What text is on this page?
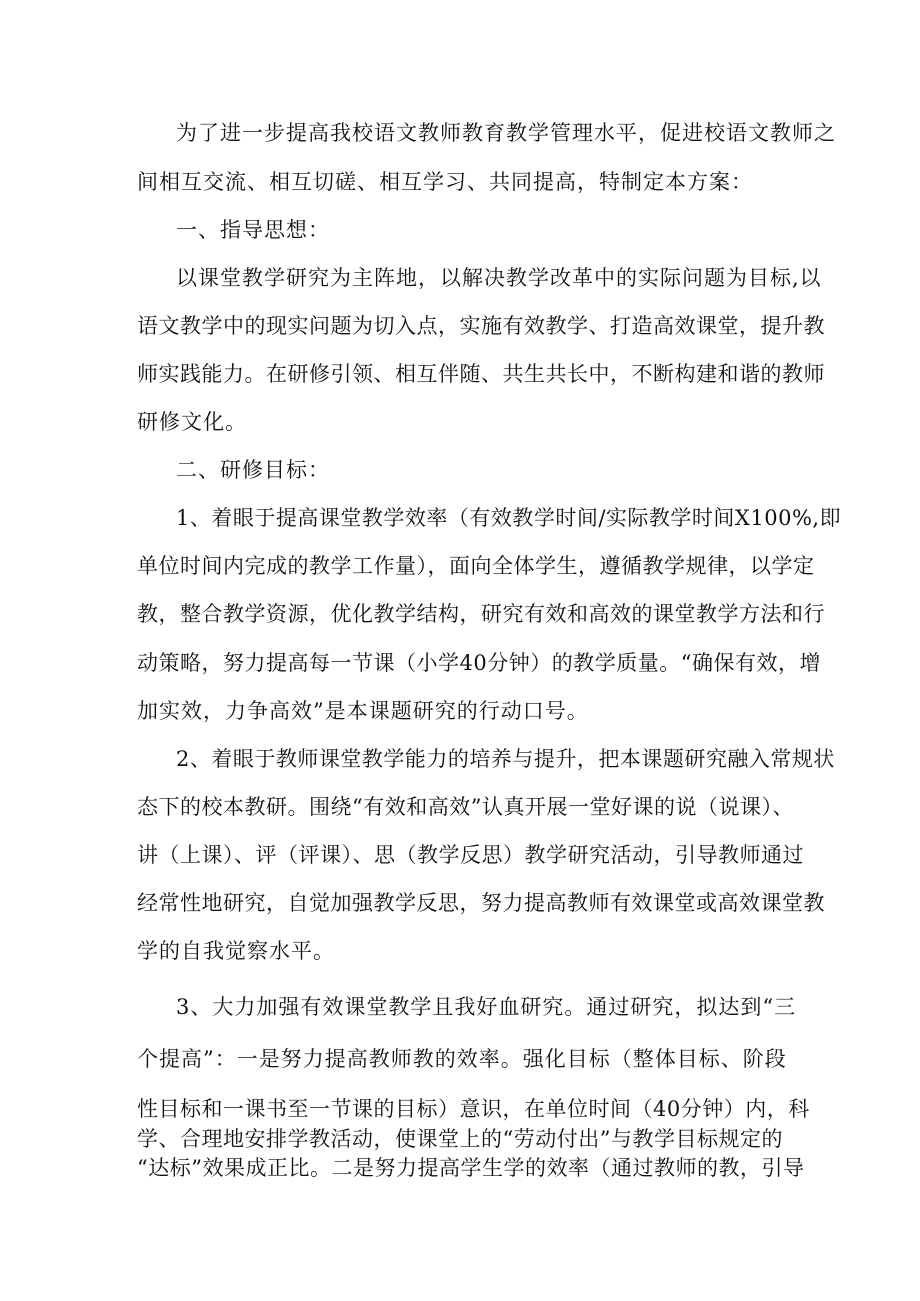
为了进一步提高我校语文教师教育教学管理水平，促进校语文教师之
间相互交流、相互切磋、相互学习、共同提高，特制定本方案：
一、指导思想：
以课堂教学研究为主阵地，以解决教学改革中的实际问题为目标,以
语文教学中的现实问题为切入点，实施有效教学、打造高效课堂，提升教
师实践能力。在研修引领、相互伴随、共生共长中，不断构建和谐的教师
研修文化。
二、研修目标：
1、着眼于提高课堂教学效率（有效教学时间/实际教学时间X100%,即
单位时间内完成的教学工作量），面向全体学生，遵循教学规律，以学定
教，整合教学资源，优化教学结构，研究有效和高效的课堂教学方法和行
动策略，努力提高每一节课（小学40分钟）的教学质量。“确保有效，增
加实效，力争高效”是本课题研究的行动口号。
2、着眼于教师课堂教学能力的培养与提升，把本课题研究融入常规状
态下的校本教研。围绕“有效和高效”认真开展一堂好课的说（说课）、
讲（上课）、评（评课）、思（教学反思）教学研究活动，引导教师通过
经常性地研究，自觉加强教学反思，努力提高教师有效课堂或高效课堂教
学的自我觉察水平。
3、大力加强有效课堂教学且我好血研究。通过研究，拟达到“三
个提高”：一是努力提高教师教的效率。强化目标（整体目标、阶段
性目标和一课书至一节课的目标）意识，在单位时间（40分钟）内，科
学、合理地安排学教活动，使课堂上的“劳动付出”与教学目标规定的
“达标”效果成正比。二是努力提高学生学的效率（通过教师的教，引导
